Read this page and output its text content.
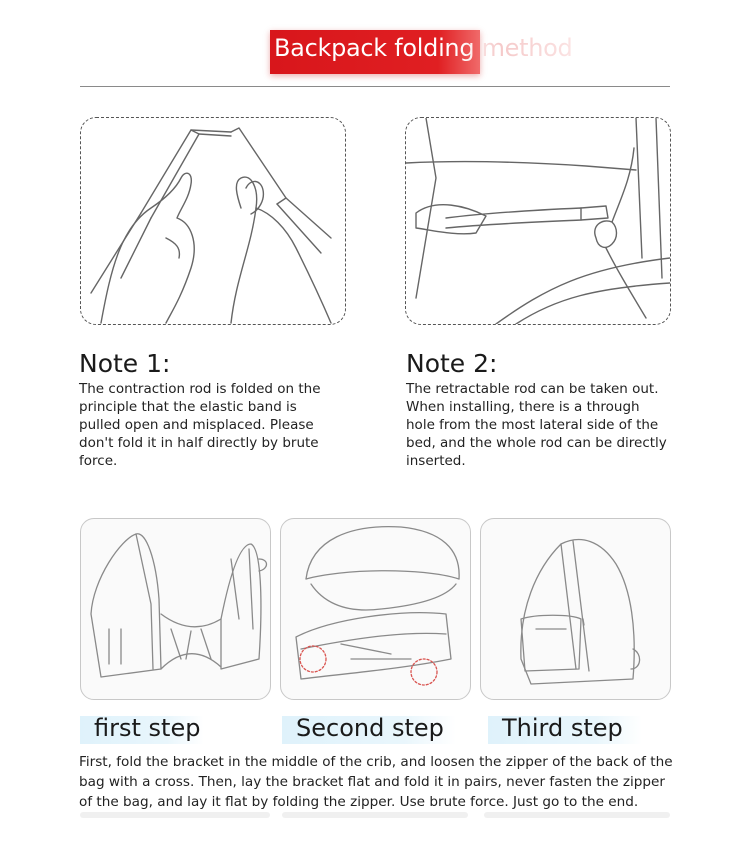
Backpack folding method
Note 1:
The contraction rod is folded on the principle that the elastic band is pulled open and misplaced. Please don't fold it in half directly by brute force.
Note 2:
The retractable rod can be taken out. When installing, there is a through hole from the most lateral side of the bed, and the whole rod can be directly inserted.
first step	Second step	Third step
First, fold the bracket in the middle of the crib, and loosen the zipper of the back of the bag with a cross. Then, lay the bracket flat and fold it in pairs, never fasten the zipper of the bag, and lay it flat by folding the zipper. Use brute force. Just go to the end.
